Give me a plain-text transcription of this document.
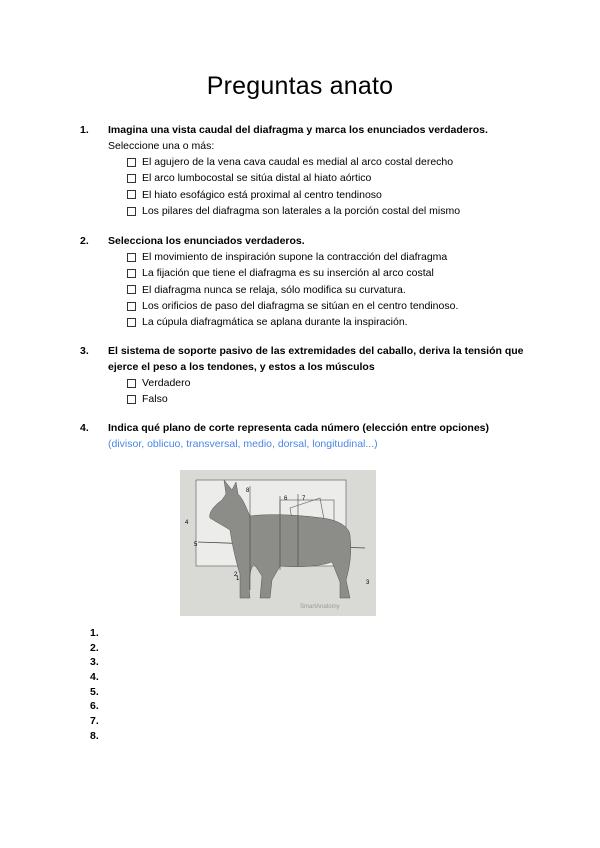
Preguntas anato
1. Imagina una vista caudal del diafragma y marca los enunciados verdaderos.
Seleccione una o más:
El agujero de la vena cava caudal es medial al arco costal derecho
El arco lumbocostal se sitúa distal al hiato aórtico
El hiato esofágico está proximal al centro tendinoso
Los pilares del diafragma son laterales a la porción costal del mismo
2. Selecciona los enunciados verdaderos.
El movimiento de inspiración supone la contracción del diafragma
La fijación que tiene el diafragma es su inserción al arco costal
El diafragma nunca se relaja, sólo modifica su curvatura.
Los orificios de paso del diafragma se sitúan en el centro tendinoso.
La cúpula diafragmática se aplana durante la inspiración.
3. El sistema de soporte pasivo de las extremidades del caballo, deriva la tensión que ejerce el peso a los tendones, y estos a los músculos
Verdadero
Falso
4. Indica qué plano de corte representa cada número (elección entre opciones)
(divisor, oblicuo, transversal, medio, dorsal, longitudinal...)
1
2
3
4
5
6 7
8
SmartAnatomy
1.
2.
3.
4.
5.
6.
7.
8.
